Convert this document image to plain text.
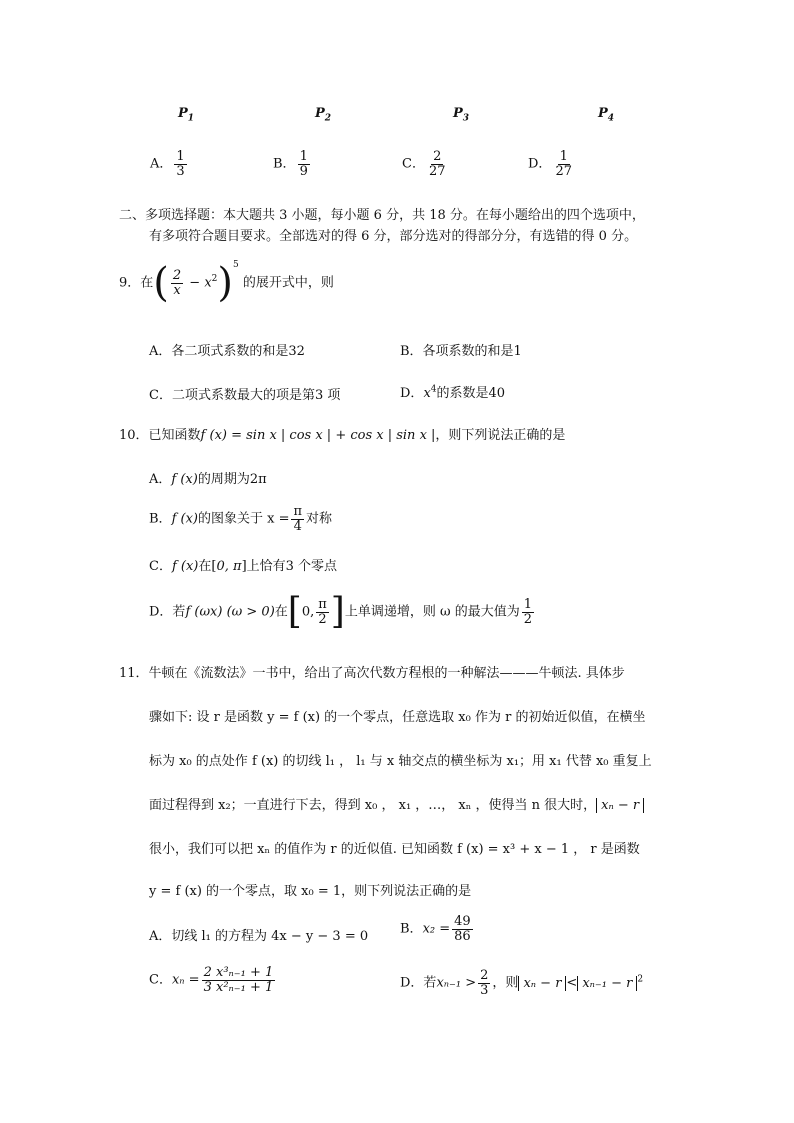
$P_1$	$P_2$	$P_3$	$P_4$
A． $\frac{1}{3}$	B． $\frac{1}{9}$	C． $\frac{2}{27}$	D． $\frac{1}{27}$
二、多项选择题：本大题共 3 小题，每小题 6 分，共 18 分。在每小题给出的四个选项中，
有多项符合题目要求。全部选对的得 6 分，部分选对的得部分分，有选错的得 0 分。
9．在( $\frac{2}{x} - x^2)^5$ 的展开式中，则
A．各二项式系数的和是32	B．各项系数的和是1
C．二项式系数最大的项是第3 项	D．$x^4$的系数是40
10．已知函数f (x) = sin x | cos x | + cos x | sin x |，则下列说法正确的是
A．f (x)的周期为2π
B．f (x)的图象关于 $x = \frac{\pi}{4}$ 对称
C．f (x)在[0, π]上恰有3 个零点
D．若f (ωx) (ω > 0)在[0, $\frac{\pi}{2}$ ]上单调递增，则 ω 的最大值为 $\frac{1}{2}$
11．牛顿在《流数法》一书中，给出了高次代数方程根的一种解法———牛顿法. 具体步
骤如下: 设 r 是函数 y = f (x) 的一个零点，任意选取 x₀ 作为 r 的初始近似值，在横坐
标为 x₀ 的点处作 f (x) 的切线 l₁ ， l₁ 与 x 轴交点的横坐标为 x₁；用 x₁ 代替 x₀ 重复上
面过程得到 x₂；一直进行下去，得到 x₀ ， x₁ ，…， xₙ ，使得当 n 很大时， xₙ − r
很小，我们可以把 xₙ 的值作为 r 的近似值. 已知函数 f (x) = x³ + x − 1 ， r 是函数
y = f (x) 的一个零点，取 x₀ = 1，则下列说法正确的是
A．切线 l₁ 的方程为 4x − y − 3 = 0 B．$x_2 = \frac{49}{86}$
C．$x_n = \frac{\text{2 x³ₙ₋₁ + 1}}{\text{3 x²ₙ₋₁ + 1}}$	D．若$x_{n-1} > \frac{2}{3}$ ，则 xₙ − r < xₙ₋₁ − r $^2$
